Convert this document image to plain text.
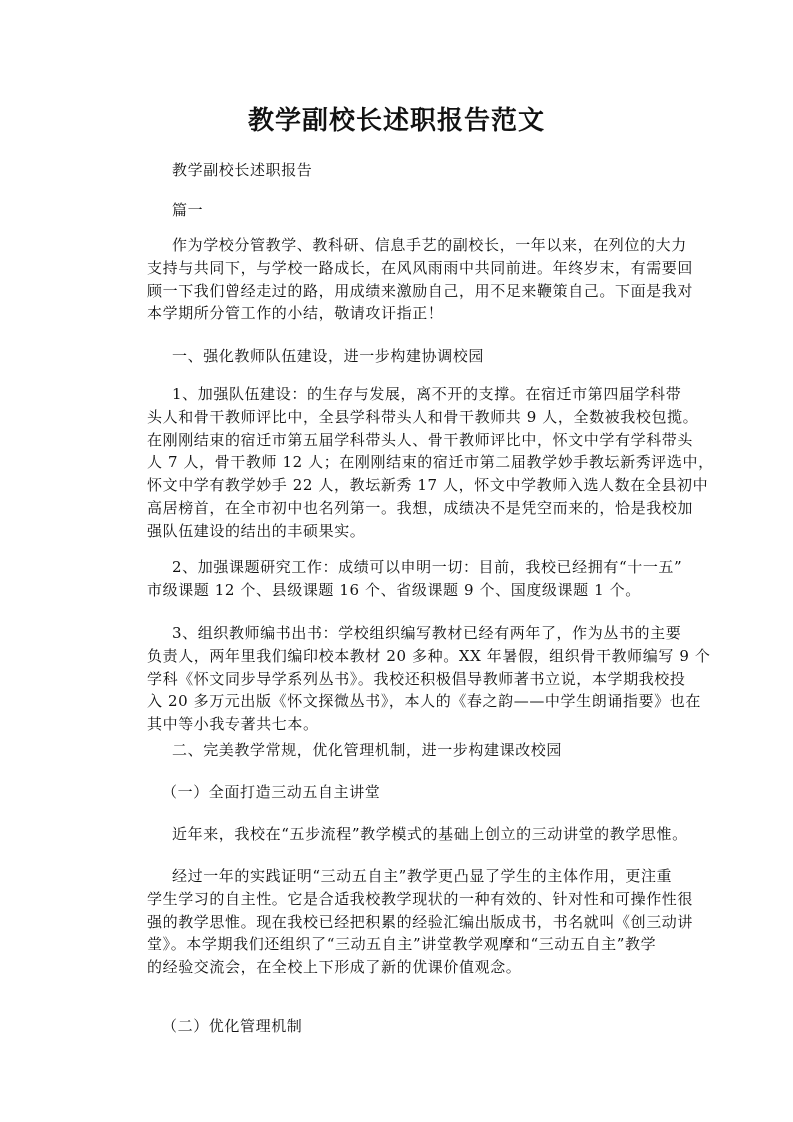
教学副校长述职报告范文
教学副校长述职报告
篇一
作为学校分管教学、教科研、信息手艺的副校长，一年以来，在列位的大力
支持与共同下，与学校一路成长，在风风雨雨中共同前进。年终岁末，有需要回
顾一下我们曾经走过的路，用成绩来激励自己，用不足来鞭策自己。下面是我对
本学期所分管工作的小结，敬请攻讦指正！
一、强化教师队伍建设，进一步构建协调校园
1、加强队伍建设：的生存与发展，离不开的支撑。在宿迁市第四届学科带
头人和骨干教师评比中，全县学科带头人和骨干教师共 9 人，全数被我校包揽。
在刚刚结束的宿迁市第五届学科带头人、骨干教师评比中，怀文中学有学科带头
人 7 人，骨干教师 12 人；在刚刚结束的宿迁市第二届教学妙手教坛新秀评选中，
怀文中学有教学妙手 22 人，教坛新秀 17 人，怀文中学教师入选人数在全县初中
高居榜首，在全市初中也名列第一。我想，成绩决不是凭空而来的，恰是我校加
强队伍建设的结出的丰硕果实。
2、加强课题研究工作：成绩可以申明一切：目前，我校已经拥有“十一五”
市级课题 12 个、县级课题 16 个、省级课题 9 个、国度级课题 1 个。
3、组织教师编书出书：学校组织编写教材已经有两年了，作为丛书的主要
负责人，两年里我们编印校本教材 20 多种。XX 年暑假，组织骨干教师编写 9 个
学科《怀文同步导学系列丛书》。我校还积极倡导教师著书立说，本学期我校投
入 20 多万元出版《怀文探微丛书》，本人的《春之韵——中学生朗诵指要》也在
其中等小我专著共七本。
二、完美教学常规，优化管理机制，进一步构建课改校园
（一）全面打造三动五自主讲堂
近年来，我校在“五步流程”教学模式的基础上创立的三动讲堂的教学思惟。
经过一年的实践证明“三动五自主”教学更凸显了学生的主体作用，更注重
学生学习的自主性。它是合适我校教学现状的一种有效的、针对性和可操作性很
强的教学思惟。现在我校已经把积累的经验汇编出版成书，书名就叫《创三动讲
堂》。本学期我们还组织了“三动五自主”讲堂教学观摩和“三动五自主”教学
的经验交流会，在全校上下形成了新的优课价值观念。
（二）优化管理机制
